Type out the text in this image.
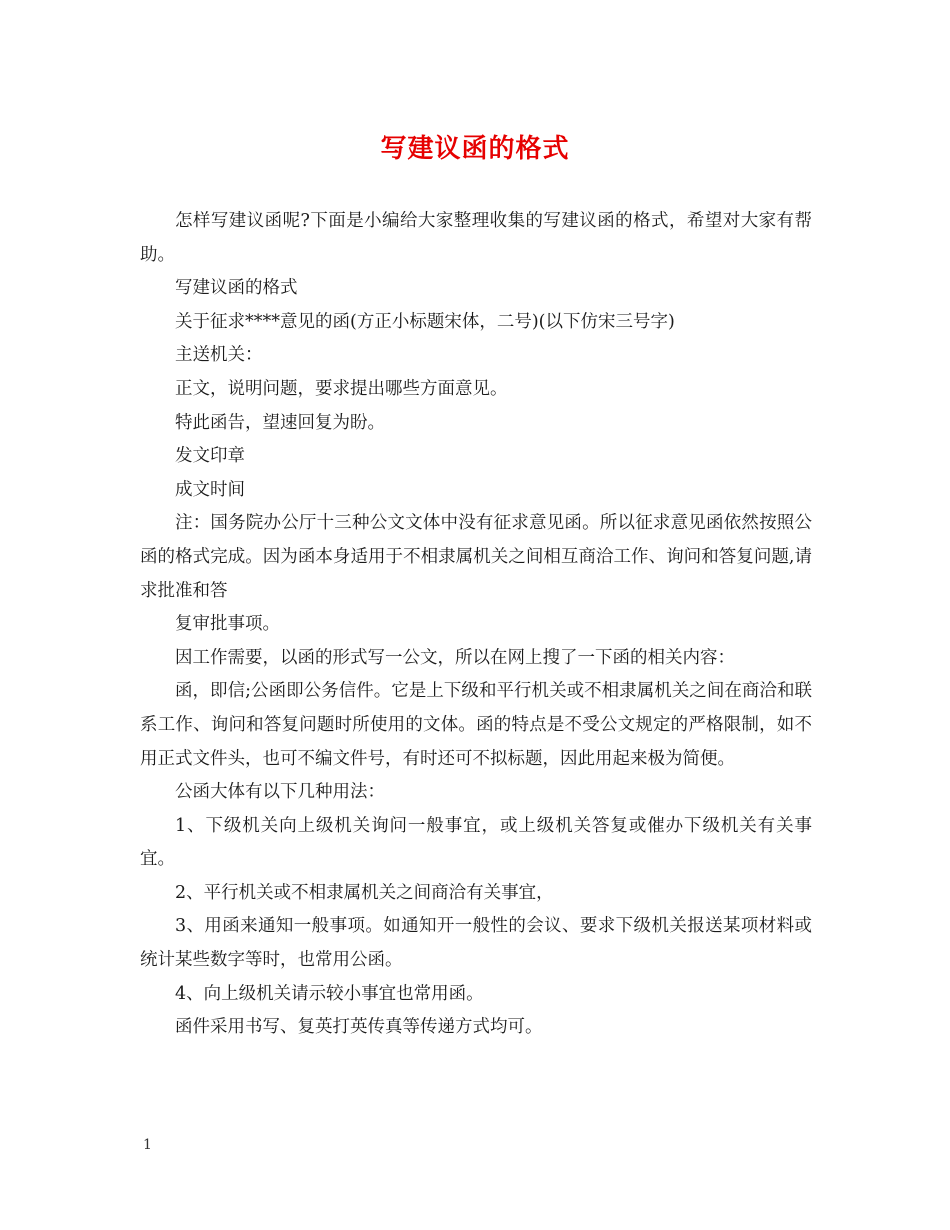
写建议函的格式

怎样写建议函呢?下面是小编给大家整理收集的写建议函的格式，希望对大家有帮助。

写建议函的格式

关于征求****意见的函(方正小标题宋体，二号)(以下仿宋三号字)

主送机关：

正文，说明问题，要求提出哪些方面意见。

特此函告，望速回复为盼。

发文印章

成文时间

注：国务院办公厅十三种公文文体中没有征求意见函。所以征求意见函依然按照公函的格式完成。因为函本身适用于不相隶属机关之间相互商洽工作、询问和答复问题,请求批准和答

复审批事项。

因工作需要，以函的形式写一公文，所以在网上搜了一下函的相关内容：

函，即信;公函即公务信件。它是上下级和平行机关或不相隶属机关之间在商洽和联系工作、询问和答复问题时所使用的文体。函的特点是不受公文规定的严格限制，如不用正式文件头，也可不编文件号，有时还可不拟标题，因此用起来极为简便。

公函大体有以下几种用法：

1、下级机关向上级机关询问一般事宜，或上级机关答复或催办下级机关有关事宜。

2、平行机关或不相隶属机关之间商洽有关事宜，

3、用函来通知一般事项。如通知开一般性的会议、要求下级机关报送某项材料或统计某些数字等时，也常用公函。

4、向上级机关请示较小事宜也常用函。

函件采用书写、复英打英传真等传递方式均可。

1
